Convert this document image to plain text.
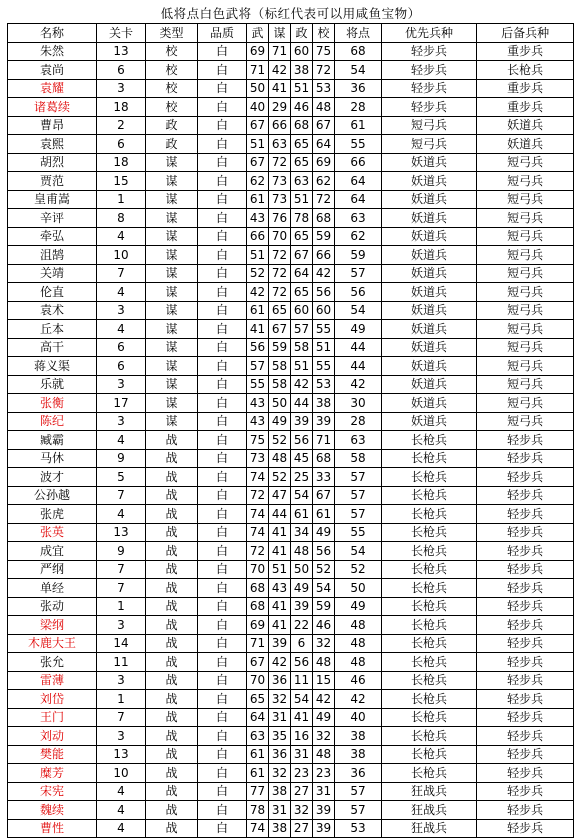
低将点白色武将（标红代表可以用咸鱼宝物）										
名称	关卡	类型	品质	武	谋	政	校	将点	优先兵种	后备兵种
朱然	13	校	白	69	71	60	75	68	轻步兵	重步兵
袁尚	6	校	白	71	42	38	72	54	轻步兵	长枪兵
袁耀	3	校	白	50	41	51	53	36	轻步兵	重步兵
诸葛续	18	校	白	40	29	46	48	28	轻步兵	重步兵
曹昂	2	政	白	67	66	68	67	61	短弓兵	妖道兵
袁熙	6	政	白	51	63	65	64	55	短弓兵	妖道兵
胡烈	18	谋	白	67	72	65	69	66	妖道兵	短弓兵
贾范	15	谋	白	62	73	63	62	64	妖道兵	短弓兵
皇甫嵩	1	谋	白	61	73	51	72	64	妖道兵	短弓兵
辛评	8	谋	白	43	76	78	68	63	妖道兵	短弓兵
牵弘	4	谋	白	66	70	65	59	62	妖道兵	短弓兵
沮鹄	10	谋	白	51	72	67	66	59	妖道兵	短弓兵
关靖	7	谋	白	52	72	64	42	57	妖道兵	短弓兵
伦直	4	谋	白	42	72	65	56	56	妖道兵	短弓兵
袁术	3	谋	白	61	65	60	60	54	妖道兵	短弓兵
丘本	4	谋	白	41	67	57	55	49	妖道兵	短弓兵
高干	6	谋	白	56	59	58	51	44	妖道兵	短弓兵
蒋义渠	6	谋	白	57	58	51	55	44	妖道兵	短弓兵
乐就	3	谋	白	55	58	42	53	42	妖道兵	短弓兵
张衡	17	谋	白	43	50	44	38	30	妖道兵	短弓兵
陈纪	3	谋	白	43	49	39	39	28	妖道兵	短弓兵
臧霸	4	战	白	75	52	56	71	63	长枪兵	轻步兵
马休	9	战	白	73	48	45	68	58	长枪兵	轻步兵
波才	5	战	白	74	52	25	33	57	长枪兵	轻步兵
公孙越	7	战	白	72	47	54	67	57	长枪兵	轻步兵
张虎	4	战	白	74	44	61	61	57	长枪兵	轻步兵
张英	13	战	白	74	41	34	49	55	长枪兵	轻步兵
成宜	9	战	白	72	41	48	56	54	长枪兵	轻步兵
严纲	7	战	白	70	51	50	52	52	长枪兵	轻步兵
单经	7	战	白	68	43	49	54	50	长枪兵	轻步兵
张动	1	战	白	68	41	39	59	49	长枪兵	轻步兵
梁纲	3	战	白	69	41	22	46	48	长枪兵	轻步兵
木鹿大王	14	战	白	71	39	6	32	48	长枪兵	轻步兵
张允	11	战	白	67	42	56	48	48	长枪兵	轻步兵
雷薄	3	战	白	70	36	11	15	46	长枪兵	轻步兵
刘岱	1	战	白	65	32	54	42	42	长枪兵	轻步兵
王门	7	战	白	64	31	41	49	40	长枪兵	轻步兵
刘动	3	战	白	63	35	16	32	38	长枪兵	轻步兵
樊能	13	战	白	61	36	31	48	38	长枪兵	轻步兵
糜芳	10	战	白	61	32	23	23	36	长枪兵	轻步兵
宋宪	4	战	白	77	38	27	31	57	狂战兵	轻步兵
魏续	4	战	白	78	31	32	39	57	狂战兵	轻步兵
曹性	4	战	白	74	38	27	39	53	狂战兵	轻步兵
